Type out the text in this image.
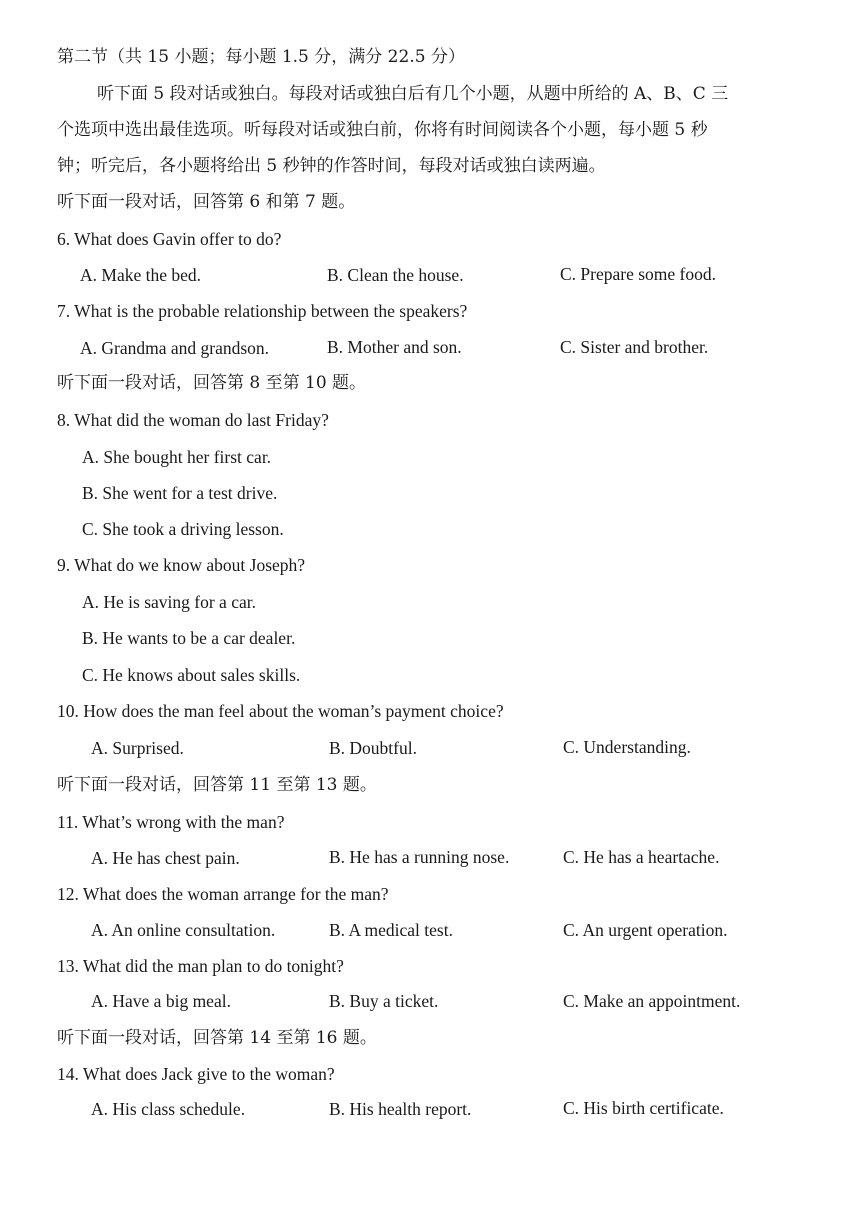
第二节（共 15 小题；每小题 1.5 分，满分 22.5 分）
听下面 5 段对话或独白。每段对话或独白后有几个小题，从题中所给的 A、B、C 三
个选项中选出最佳选项。听每段对话或独白前，你将有时间阅读各个小题，每小题 5 秒
钟；听完后，各小题将给出 5 秒钟的作答时间，每段对话或独白读两遍。
听下面一段对话，回答第 6 和第 7 题。
6. What does Gavin offer to do?
A. Make the bed.	B. Clean the house.	C. Prepare some food.
7. What is the probable relationship between the speakers?
A. Grandma and grandson.	B. Mother and son.	C. Sister and brother.
听下面一段对话，回答第 8 至第 10 题。
8. What did the woman do last Friday?
A. She bought her first car.
B. She went for a test drive.
C. She took a driving lesson.
9. What do we know about Joseph?
A. He is saving for a car.
B. He wants to be a car dealer.
C. He knows about sales skills.
10. How does the man feel about the woman’s payment choice?
A. Surprised.	B. Doubtful.	C. Understanding.
听下面一段对话，回答第 11 至第 13 题。
11. What’s wrong with the man?
A. He has chest pain.	B. He has a running nose.	C. He has a heartache.
12. What does the woman arrange for the man?
A. An online consultation.	B. A medical test.	C. An urgent operation.
13. What did the man plan to do tonight?
A. Have a big meal.	B. Buy a ticket.	C. Make an appointment.
听下面一段对话，回答第 14 至第 16 题。
14. What does Jack give to the woman?
A. His class schedule.	B. His health report.	C. His birth certificate.
